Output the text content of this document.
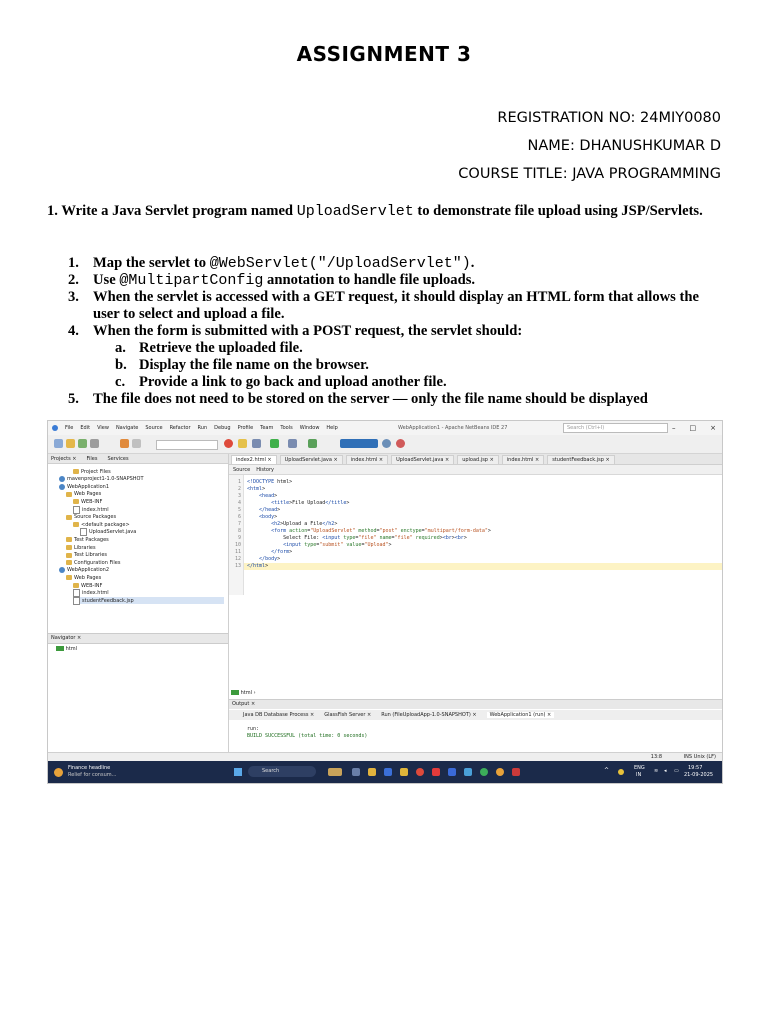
ASSIGNMENT 3
REGISTRATION NO: 24MIY0080
NAME: DHANUSHKUMAR D
COURSE TITLE: JAVA PROGRAMMING
1. Write a Java Servlet program named UploadServlet to demonstrate file upload using JSP/Servlets.
1. Map the servlet to @WebServlet("/UploadServlet").
2. Use @MultipartConfig annotation to handle file uploads.
3. When the servlet is accessed with a GET request, it should display an HTML form that allows the user to select and upload a file.
4. When the form is submitted with a POST request, the servlet should:
a. Retrieve the uploaded file.
b. Display the file name on the browser.
c. Provide a link to go back and upload another file.
5. The file does not need to be stored on the server — only the file name should be displayed
File Edit View Navigate Source Refactor Run Debug Profile Team Tools Window Help	WebApplication1 - Apache NetBeans IDE 27	Search (Ctrl+I)	– □ ×
Projects × Files Services
Project Files
mavenproject1-1.0-SNAPSHOT
WebApplication1
Web Pages
WEB-INF
index.html
Source Packages
<default package>
UploadServlet.java
Test Packages
Libraries
Test Libraries
Configuration Files
WebApplication2
Web Pages
WEB-INF
index.html
studentFeedback.jsp
Navigator ×
html
index2.html ×	UploadServlet.java ×	index.html ×	UploadServlet.java ×	upload.jsp ×	index.html ×	studentFeedback.jsp ×
Source History
1 <!DOCTYPE html>
2 <html>
3	<head>
4	<title>File Upload</title>
5	</head>
6	<body>
7	<h2>Upload a File</h2>
8	<form action="UploadServlet" method="post" enctype="multipart/form-data">
9 Select File: <input type="file" name="file" required><br><br>
10	<input type="submit" value="Upload">
11	</form>
12	</body>
13 </html>
html ›
Output ×
Java DB Database Process × GlassFish Server × Run (FileUploadApp-1.0-SNAPSHOT) ×	WebApplication1 (run) ×
run:
BUILD SUCCESSFUL (total time: 0 seconds)
13:8	INS Unix (LF)
Finance headline
Relief for consum...
Search	^	ENG
IN
≋ ◂ ▭ 19:57
21-09-2025
